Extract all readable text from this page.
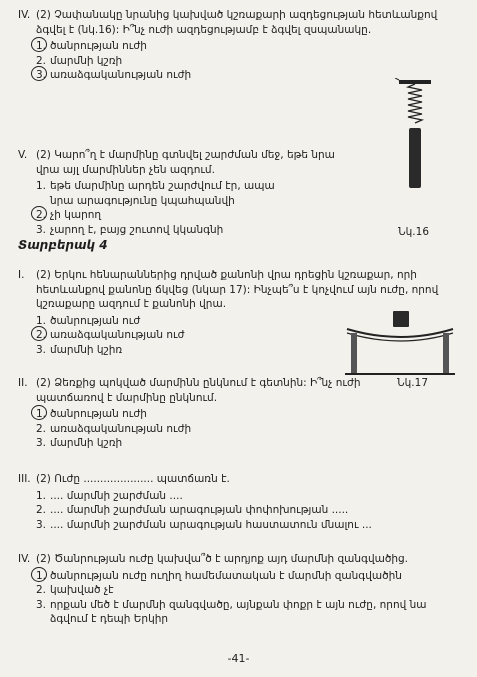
IV. (2) Չափանակը նրանից կախված կշռաքարի ազդեցության հետևանքով ձգվել է (նկ.16): Ի՞նչ ուժի ազդեցությամբ է ձգվել զսպանակը.
1. ծանրության ուժի
2. մարմնի կշռի
3. առաձգականության ուժի
Նկ.16
V. (2) Կարո՞ղ է մարմինը գտնվել շարժման մեջ, եթե նրա վրա այլ մարմիններ չեն ազդում.
1. եթե մարմինը արդեն շարժվում էր, ապա նրա արագությունը կպահպանվի
2. չի կարող
3. չարող է, բայց շուտով կկանգնի
Տարբերակ 4
I.	(2) Երկու հենարաններից դրված քանոնի վրա դրեցին կշռաքար, որի հետևանքով քանոնը ճկվեց (նկար 17): Ինչպե՞ս է կոչվում այն ուժը, որով կշռաքարը ազդում է քանոնի վրա.
1. ծանրության ուժ
2. առաձգականության ուժ
3. մարմնի կշիռ
Նկ.17
II. (2) Ձեռքից պոկված մարմինն ընկնում է գետնին: Ի՞նչ ուժի պատճառով է մարմինը ընկնում.
1. ծանրության ուժի
2. առաձգականության ուժի
3. մարմնի կշռի
III. (2) Ուժը ..................... պատճառն է.
1. .... մարմնի շարժման ....
2. .... մարմնի շարժման արագության փոփոխության .....
3. .... մարմնի շարժման արագության հաստատուն մնալու ...
IV. (2) Ծանրության ուժը կախվա՞ծ է արդյոք այդ մարմնի զանգվածից.
1. ծանրության ուժը ուղիղ համեմատական է մարմնի զանգվածին
2. կախված չէ
3. որքան մեծ է մարմնի զանգվածը, այնքան փոքր է այն ուժը, որով նա ձգվում է դեպի Երկիր
-41-
